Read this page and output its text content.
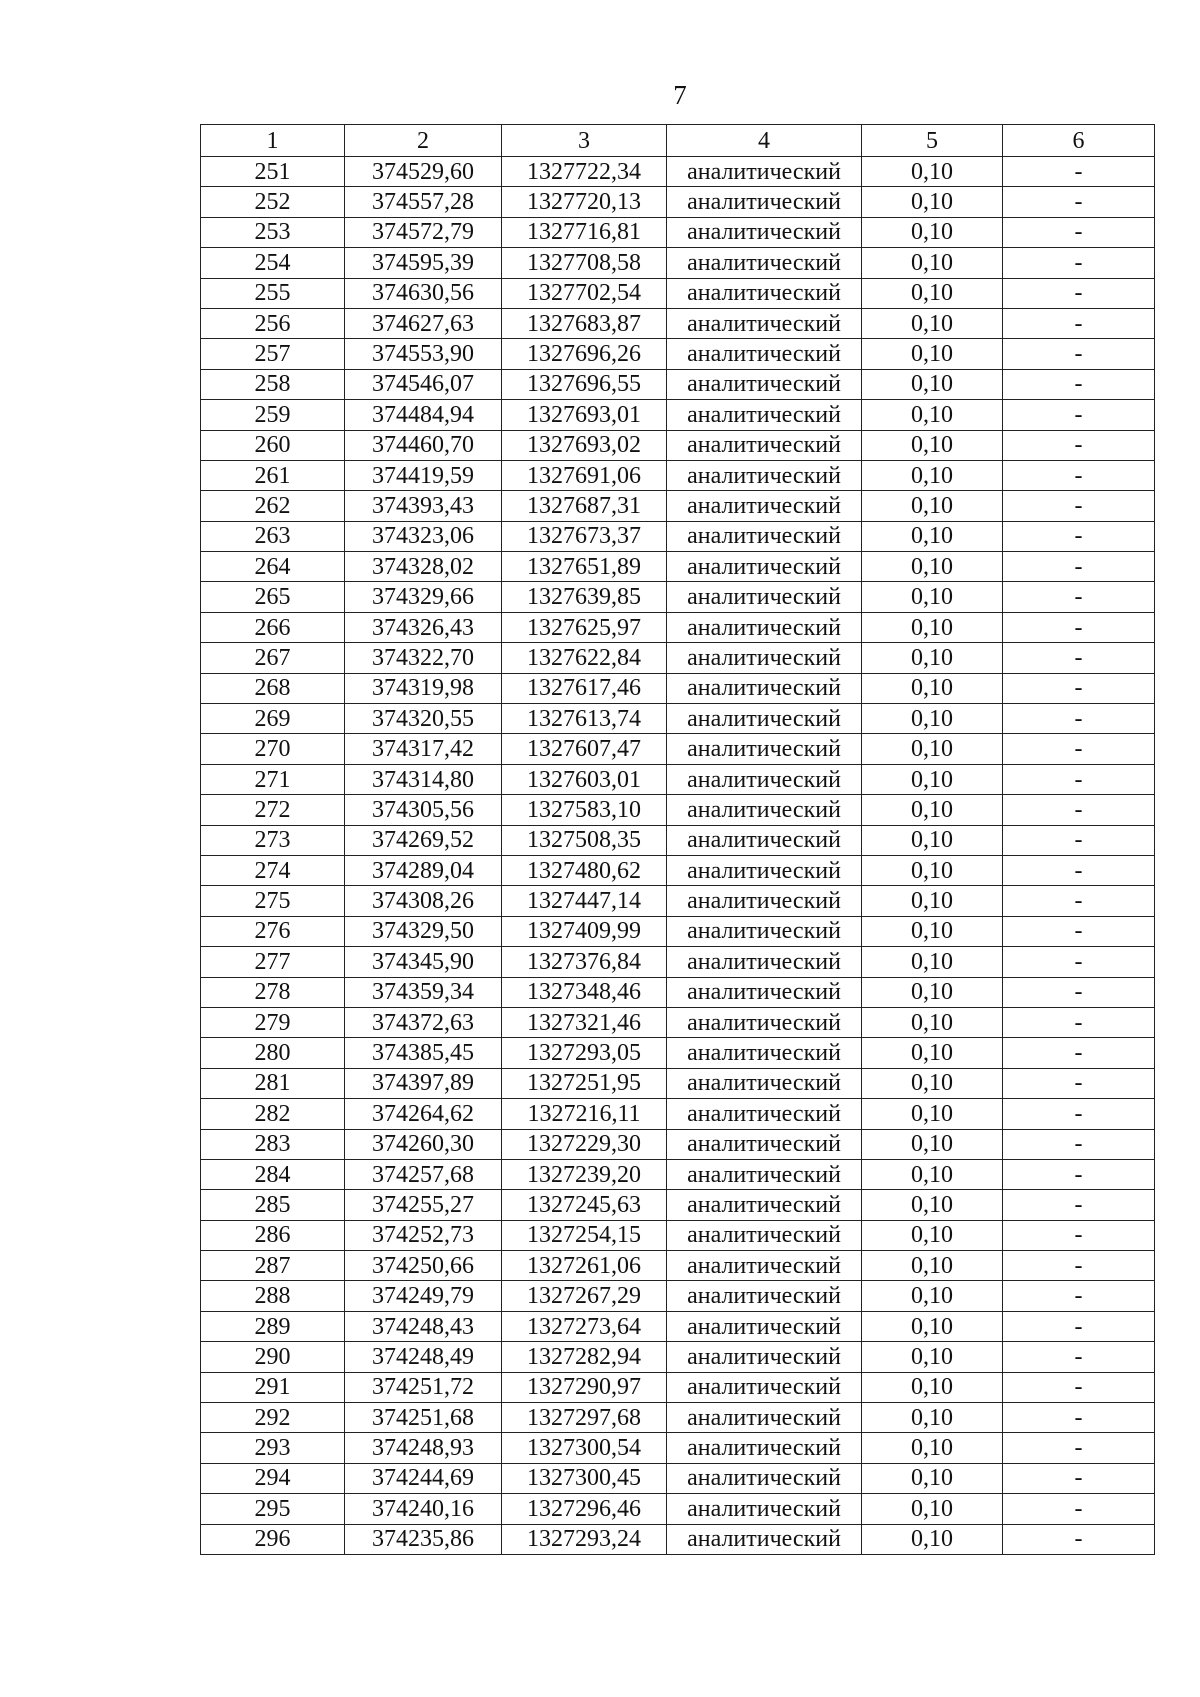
7
1	2	3	4	5	6
251	374529,60	1327722,34	аналитический	0,10	-
252	374557,28	1327720,13	аналитический	0,10	-
253	374572,79	1327716,81	аналитический	0,10	-
254	374595,39	1327708,58	аналитический	0,10	-
255	374630,56	1327702,54	аналитический	0,10	-
256	374627,63	1327683,87	аналитический	0,10	-
257	374553,90	1327696,26	аналитический	0,10	-
258	374546,07	1327696,55	аналитический	0,10	-
259	374484,94	1327693,01	аналитический	0,10	-
260	374460,70	1327693,02	аналитический	0,10	-
261	374419,59	1327691,06	аналитический	0,10	-
262	374393,43	1327687,31	аналитический	0,10	-
263	374323,06	1327673,37	аналитический	0,10	-
264	374328,02	1327651,89	аналитический	0,10	-
265	374329,66	1327639,85	аналитический	0,10	-
266	374326,43	1327625,97	аналитический	0,10	-
267	374322,70	1327622,84	аналитический	0,10	-
268	374319,98	1327617,46	аналитический	0,10	-
269	374320,55	1327613,74	аналитический	0,10	-
270	374317,42	1327607,47	аналитический	0,10	-
271	374314,80	1327603,01	аналитический	0,10	-
272	374305,56	1327583,10	аналитический	0,10	-
273	374269,52	1327508,35	аналитический	0,10	-
274	374289,04	1327480,62	аналитический	0,10	-
275	374308,26	1327447,14	аналитический	0,10	-
276	374329,50	1327409,99	аналитический	0,10	-
277	374345,90	1327376,84	аналитический	0,10	-
278	374359,34	1327348,46	аналитический	0,10	-
279	374372,63	1327321,46	аналитический	0,10	-
280	374385,45	1327293,05	аналитический	0,10	-
281	374397,89	1327251,95	аналитический	0,10	-
282	374264,62	1327216,11	аналитический	0,10	-
283	374260,30	1327229,30	аналитический	0,10	-
284	374257,68	1327239,20	аналитический	0,10	-
285	374255,27	1327245,63	аналитический	0,10	-
286	374252,73	1327254,15	аналитический	0,10	-
287	374250,66	1327261,06	аналитический	0,10	-
288	374249,79	1327267,29	аналитический	0,10	-
289	374248,43	1327273,64	аналитический	0,10	-
290	374248,49	1327282,94	аналитический	0,10	-
291	374251,72	1327290,97	аналитический	0,10	-
292	374251,68	1327297,68	аналитический	0,10	-
293	374248,93	1327300,54	аналитический	0,10	-
294	374244,69	1327300,45	аналитический	0,10	-
295	374240,16	1327296,46	аналитический	0,10	-
296	374235,86	1327293,24	аналитический	0,10	-
